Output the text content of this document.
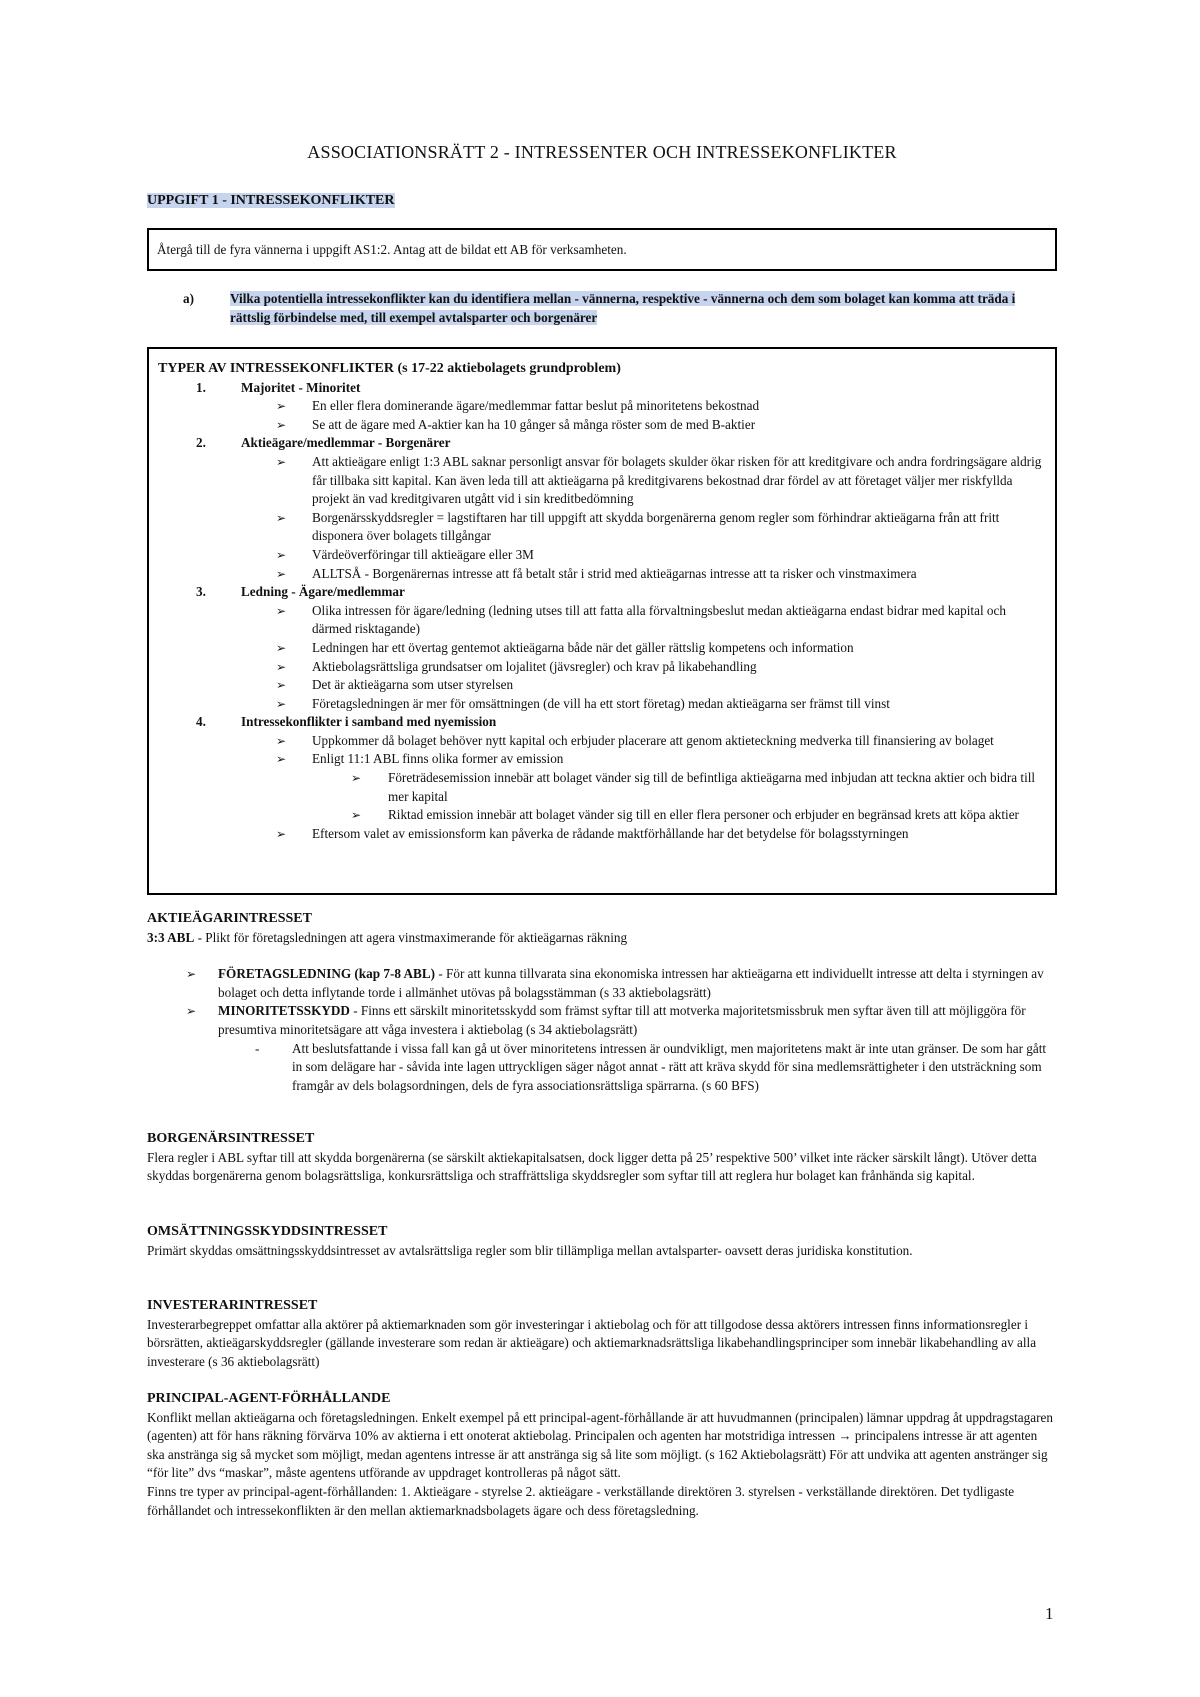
ASSOCIATIONSRÄTT 2 - INTRESSENTER OCH INTRESSEKONFLIKTER

UPPGIFT 1 - INTRESSEKONFLIKTER

Återgå till de fyra vännerna i uppgift AS1:2. Antag att de bildat ett AB för verksamheten.
a)	Vilka potentiella intressekonflikter kan du identifiera mellan - vännerna, respektive - vännerna och dem som bolaget kan komma att träda i rättslig förbindelse med, till exempel avtalsparter och borgenärer
TYPER AV INTRESSEKONFLIKTER (s 17-22 aktiebolagets grundproblem)
1.	Majoritet - Minoritet
➢ En eller flera dominerande ägare/medlemmar fattar beslut på minoritetens bekostnad
➢ Se att de ägare med A-aktier kan ha 10 gånger så många röster som de med B-aktier
2.	Aktieägare/medlemmar - Borgenärer
➢ Att aktieägare enligt 1:3 ABL saknar personligt ansvar för bolagets skulder ökar risken för att kreditgivare och andra fordringsägare aldrig får tillbaka sitt kapital. Kan även leda till att aktieägarna på kreditgivarens bekostnad drar fördel av att företaget väljer mer riskfyllda projekt än vad kreditgivaren utgått vid i sin kreditbedömning
➢ Borgenärsskyddsregler = lagstiftaren har till uppgift att skydda borgenärerna genom regler som förhindrar aktieägarna från att fritt disponera över bolagets tillgångar
➢ Värdeöverföringar till aktieägare eller 3M
➢ ALLTSÅ - Borgenärernas intresse att få betalt står i strid med aktieägarnas intresse att ta risker och vinstmaximera
3.	Ledning - Ägare/medlemmar
➢ Olika intressen för ägare/ledning (ledning utses till att fatta alla förvaltningsbeslut medan aktieägarna endast bidrar med kapital och därmed risktagande)
➢ Ledningen har ett övertag gentemot aktieägarna både när det gäller rättslig kompetens och information
➢ Aktiebolagsrättsliga grundsatser om lojalitet (jävsregler) och krav på likabehandling
➢ Det är aktieägarna som utser styrelsen
➢ Företagsledningen är mer för omsättningen (de vill ha ett stort företag) medan aktieägarna ser främst till vinst
4.	Intressekonflikter i samband med nyemission
➢ Uppkommer då bolaget behöver nytt kapital och erbjuder placerare att genom aktieteckning medverka till finansiering av bolaget
➢ Enligt 11:1 ABL finns olika former av emission
➢ Företrädesemission innebär att bolaget vänder sig till de befintliga aktieägarna med inbjudan att teckna aktier och bidra till mer kapital
➢ Riktad emission innebär att bolaget vänder sig till en eller flera personer och erbjuder en begränsad krets att köpa aktier
➢ Eftersom valet av emissionsform kan påverka de rådande maktförhållande har det betydelse för bolagsstyrningen
AKTIEÄGARINTRESSET
3:3 ABL - Plikt för företagsledningen att agera vinstmaximerande för aktieägarnas räkning
➢ FÖRETAGSLEDNING (kap 7-8 ABL) - För att kunna tillvarata sina ekonomiska intressen har aktieägarna ett individuellt intresse att delta i styrningen av bolaget och detta inflytande torde i allmänhet utövas på bolagsstämman (s 33 aktiebolagsrätt)
➢ MINORITETSSKYDD - Finns ett särskilt minoritetsskydd som främst syftar till att motverka majoritetsmissbruk men syftar även till att möjliggöra för presumtiva minoritetsägare att våga investera i aktiebolag (s 34 aktiebolagsrätt)
- Att beslutsfattande i vissa fall kan gå ut över minoritetens intressen är oundvikligt, men majoritetens makt är inte utan gränser. De som har gått in som delägare har - såvida inte lagen uttryckligen säger något annat - rätt att kräva skydd för sina medlemsrättigheter i den utsträckning som framgår av dels bolagsordningen, dels de fyra associationsrättsliga spärrarna. (s 60 BFS)
BORGENÄRSINTRESSET
Flera regler i ABL syftar till att skydda borgenärerna (se särskilt aktiekapitalsatsen, dock ligger detta på 25’ respektive 500’ vilket inte räcker särskilt långt). Utöver detta skyddas borgenärerna genom bolagsrättsliga, konkursrättsliga och straffrättsliga skyddsregler som syftar till att reglera hur bolaget kan frånhända sig kapital.
OMSÄTTNINGSSKYDDSINTRESSET
Primärt skyddas omsättningsskyddsintresset av avtalsrättsliga regler som blir tillämpliga mellan avtalsparter- oavsett deras juridiska konstitution.
INVESTERARINTRESSET
Investerarbegreppet omfattar alla aktörer på aktiemarknaden som gör investeringar i aktiebolag och för att tillgodose dessa aktörers intressen finns informationsregler i börsrätten, aktieägarskyddsregler (gällande investerare som redan är aktieägare) och aktiemarknadsrättsliga likabehandlingsprinciper som innebär likabehandling av alla investerare (s 36 aktiebolagsrätt)
PRINCIPAL-AGENT-FÖRHÅLLANDE
Konflikt mellan aktieägarna och företagsledningen. Enkelt exempel på ett principal-agent-förhållande är att huvudmannen (principalen) lämnar uppdrag åt uppdragstagaren (agenten) att för hans räkning förvärva 10% av aktierna i ett onoterat aktiebolag. Principalen och agenten har motstridiga intressen → principalens intresse är att agenten ska anstränga sig så mycket som möjligt, medan agentens intresse är att anstränga sig så lite som möjligt. (s 162 Aktiebolagsrätt) För att undvika att agenten anstränger sig “för lite” dvs “maskar”, måste agentens utförande av uppdraget kontrolleras på något sätt.
Finns tre typer av principal-agent-förhållanden: 1. Aktieägare - styrelse 2. aktieägare - verkställande direktören 3. styrelsen - verkställande direktören. Det tydligaste förhållandet och intressekonflikten är den mellan aktiemarknadsbolagets ägare och dess företagsledning.
1
